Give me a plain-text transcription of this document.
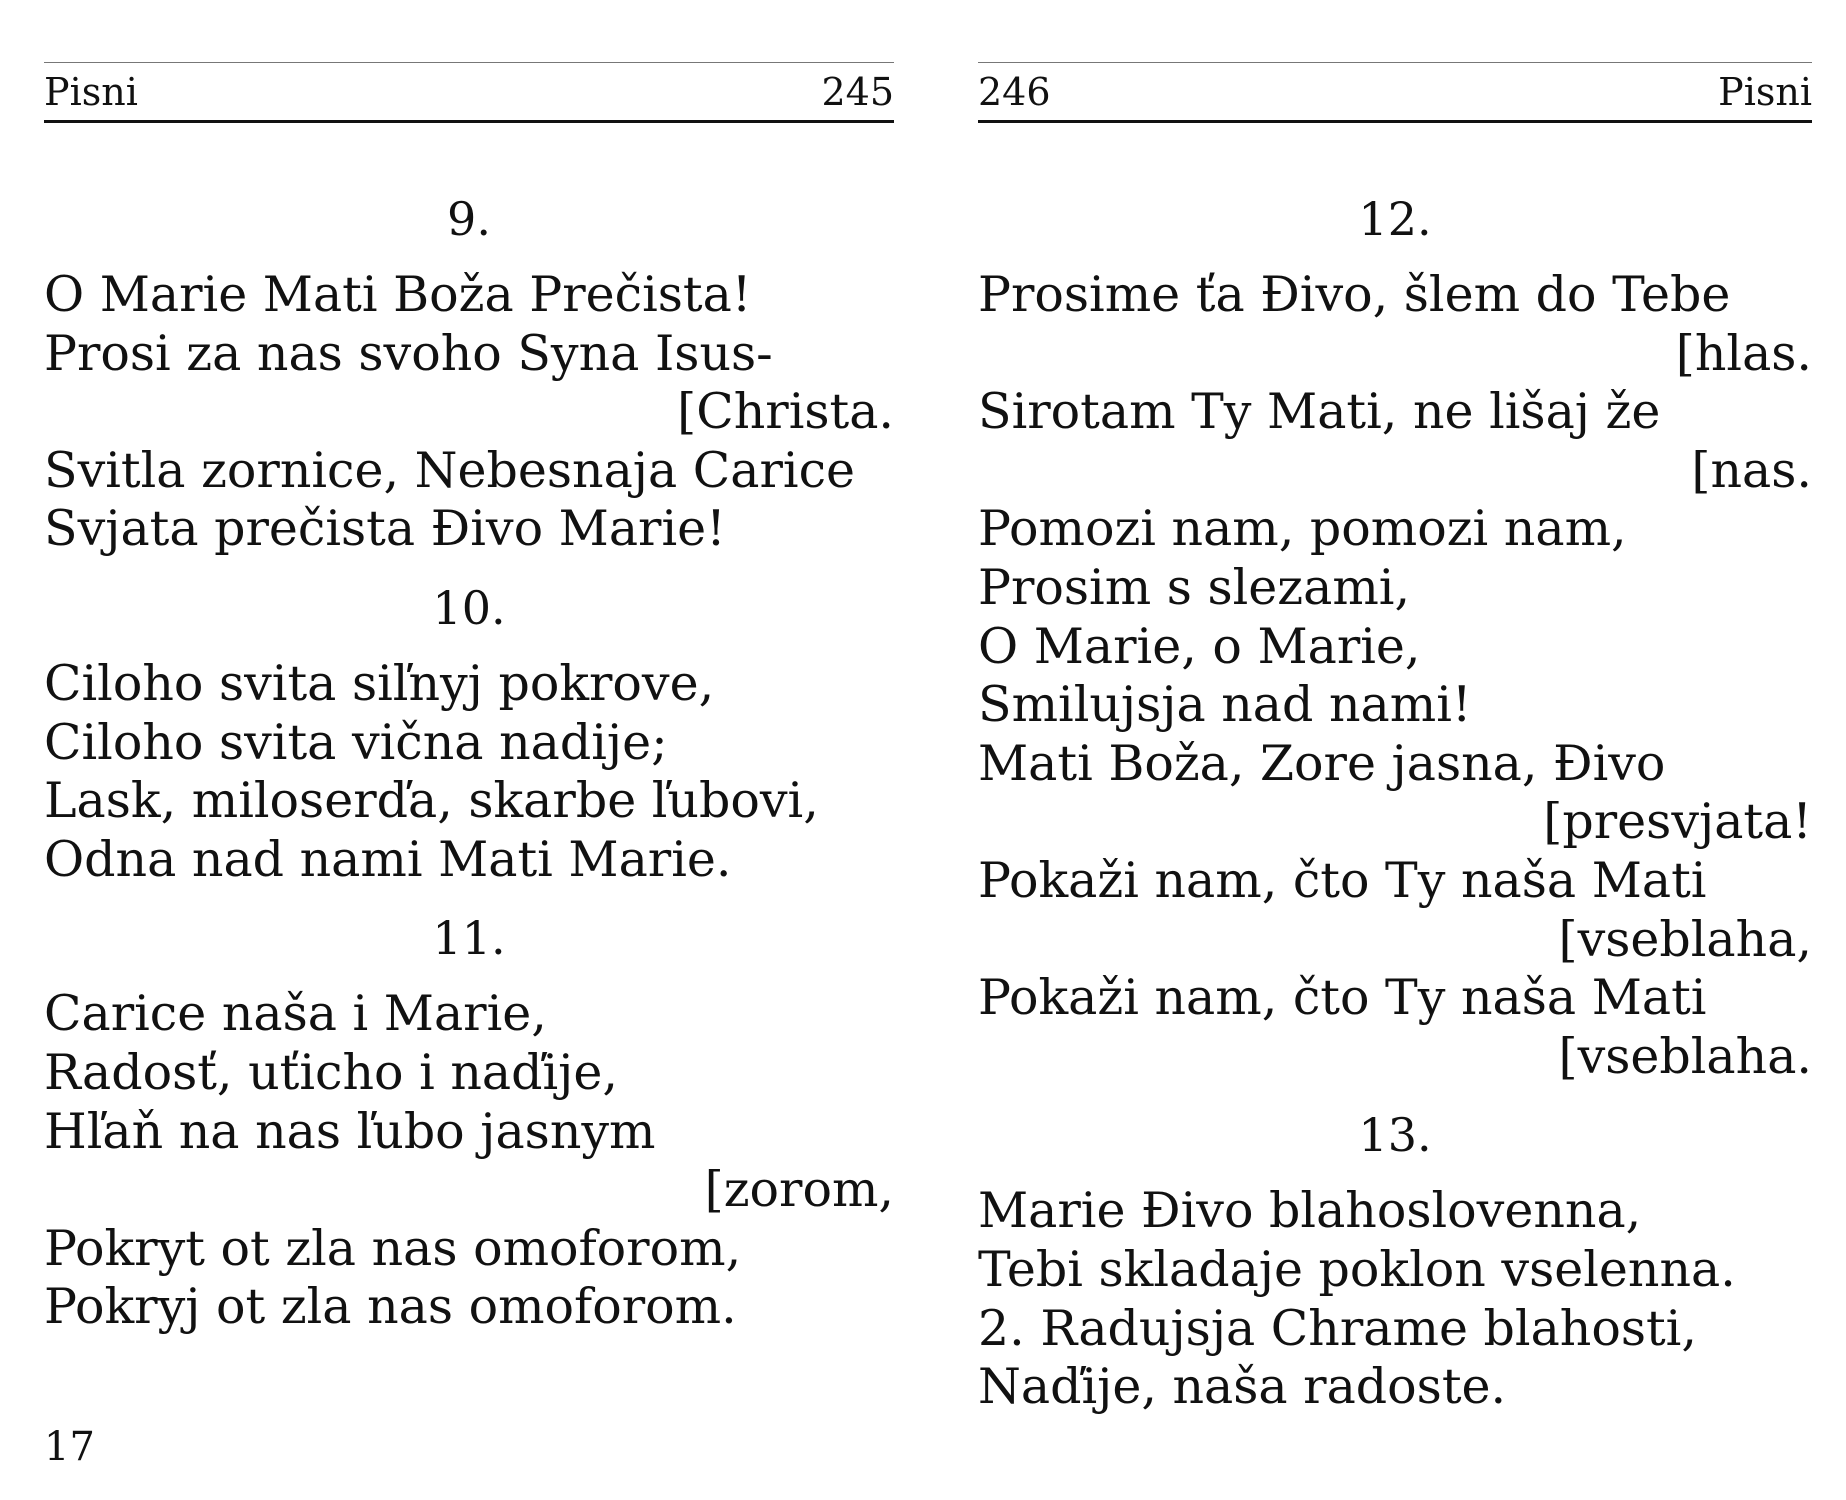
Pisni	245
9.
O Marie Mati Boža Prečista!
Prosi za nas svoho Syna Isus-
[Christa.
Svitla zornice, Nebesnaja Carice
Svjata prečista Đivo Marie!
10.
Ciloho svita siľnyj pokrove,
Ciloho svita vična nadije;
Lask, miloserďa, skarbe ľubovi,
Odna nad nami Mati Marie.
11.
Carice naša i Marie,
Radosť, uťicho i naďije,
Hľaň na nas ľubo jasnym
[zorom,
Pokryt ot zla nas omoforom,
Pokryj ot zla nas omoforom.
17
246	Pisni
12.
Prosime ťa Đivo, šlem do Tebe
[hlas.
Sirotam Ty Mati, ne lišaj že
[nas.
Pomozi nam, pomozi nam,
Prosim s slezami,
O Marie, o Marie,
Smilujsja nad nami!
Mati Boža, Zore jasna, Đivo
[presvjata!
Pokaži nam, čto Ty naša Mati
[vseblaha,
Pokaži nam, čto Ty naša Mati
[vseblaha.
13.
Marie Đivo blahoslovenna,
Tebi skladaje poklon vselenna.
2. Radujsja Chrame blahosti,
Naďije, naša radoste.
